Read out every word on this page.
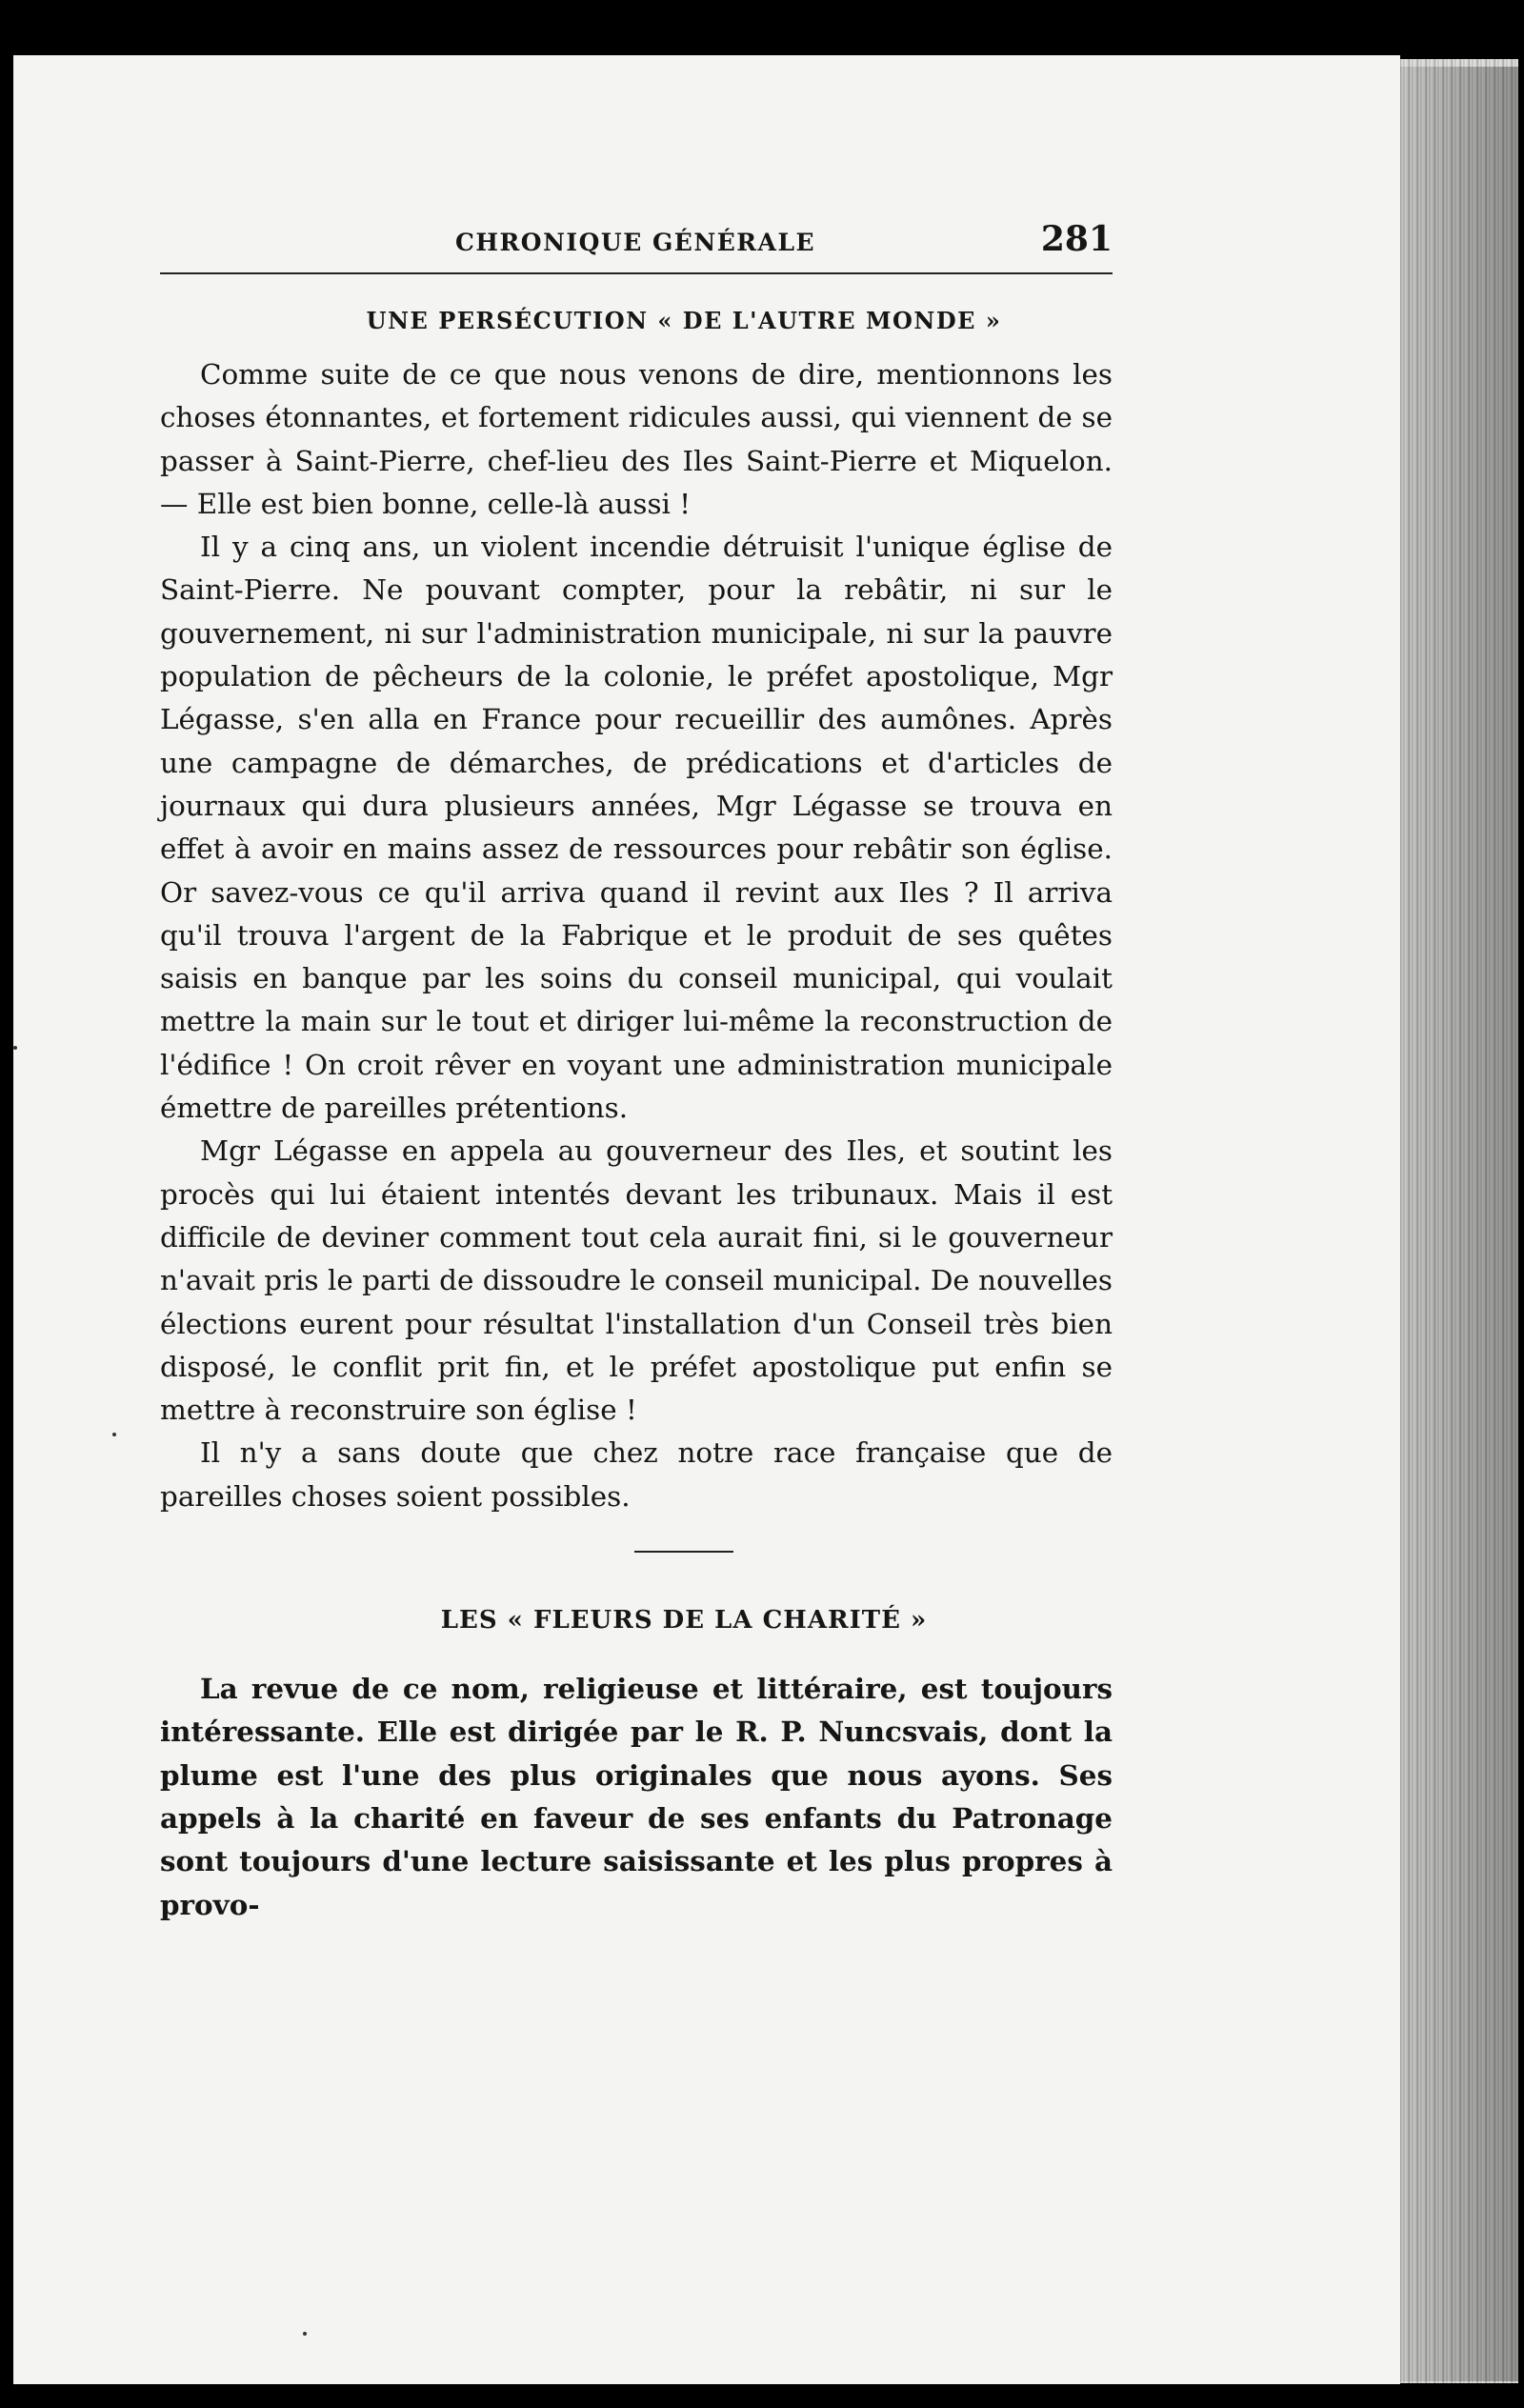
CHRONIQUE GÉNÉRALE	281
UNE PERSÉCUTION « DE L'AUTRE MONDE »

Comme suite de ce que nous venons de dire, mentionnons les choses étonnantes, et fortement ridicules aussi, qui viennent de se passer à Saint-Pierre, chef-lieu des Iles Saint-Pierre et Miquelon. — Elle est bien bonne, celle-là aussi !

Il y a cinq ans, un violent incendie détruisit l'unique église de Saint-Pierre. Ne pouvant compter, pour la rebâtir, ni sur le gouvernement, ni sur l'administration municipale, ni sur la pauvre population de pêcheurs de la colonie, le préfet apostolique, Mgr Légasse, s'en alla en France pour recueillir des aumônes. Après une campagne de démarches, de prédications et d'articles de journaux qui dura plusieurs années, Mgr Légasse se trouva en effet à avoir en mains assez de ressources pour rebâtir son église. Or savez-vous ce qu'il arriva quand il revint aux Iles ? Il arriva qu'il trouva l'argent de la Fabrique et le produit de ses quêtes saisis en banque par les soins du conseil municipal, qui voulait mettre la main sur le tout et diriger lui-même la reconstruction de l'édifice ! On croit rêver en voyant une administration municipale émettre de pareilles prétentions.

Mgr Légasse en appela au gouverneur des Iles, et soutint les procès qui lui étaient intentés devant les tribunaux. Mais il est difficile de deviner comment tout cela aurait fini, si le gouverneur n'avait pris le parti de dissoudre le conseil municipal. De nouvelles élections eurent pour résultat l'installation d'un Conseil très bien disposé, le conflit prit fin, et le préfet apostolique put enfin se mettre à reconstruire son église !

Il n'y a sans doute que chez notre race française que de pareilles choses soient possibles.

LES « FLEURS DE LA CHARITÉ »

La revue de ce nom, religieuse et littéraire, est toujours intéressante. Elle est dirigée par le R. P. Nuncsvais, dont la plume est l'une des plus originales que nous ayons. Ses appels à la charité en faveur de ses enfants du Patronage sont toujours d'une lecture saisissante et les plus propres à provo-
